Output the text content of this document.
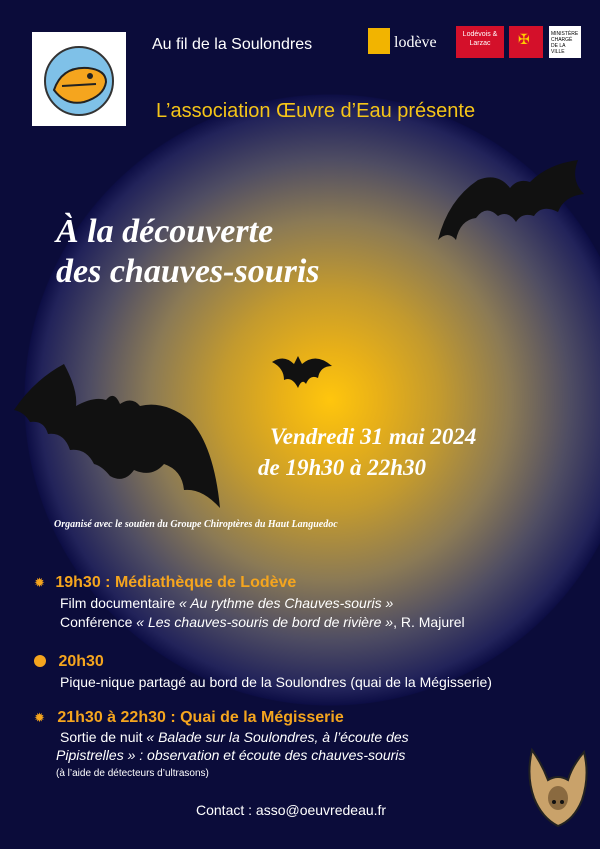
Au fil de la Soulondres	lodève	Lodévois & Larzac	✠	MINISTÈRE CHARGÉ DE LA VILLE
L’association Œuvre d’Eau présente
À la découverte
des chauves-souris
Vendredi 31 mai 2024
de 19h30 à 22h30
Organisé avec le soutien du Groupe Chiroptères du Haut Languedoc
✹ 19h30 : Médiathèque de Lodève
Film documentaire « Au rythme des Chauves-souris »
Conférence « Les chauves-souris de bord de rivière », R. Majurel
20h30
Pique-nique partagé au bord de la Soulondres (quai de la Mégisserie)
✹ 21h30 à 22h30 : Quai de la Mégisserie
Sortie de nuit « Balade sur la Soulondres, à l’écoute des
Pipistrelles » : observation et écoute des chauves-souris
(à l’aide de détecteurs d’ultrasons)
Contact : asso@oeuvredeau.fr
